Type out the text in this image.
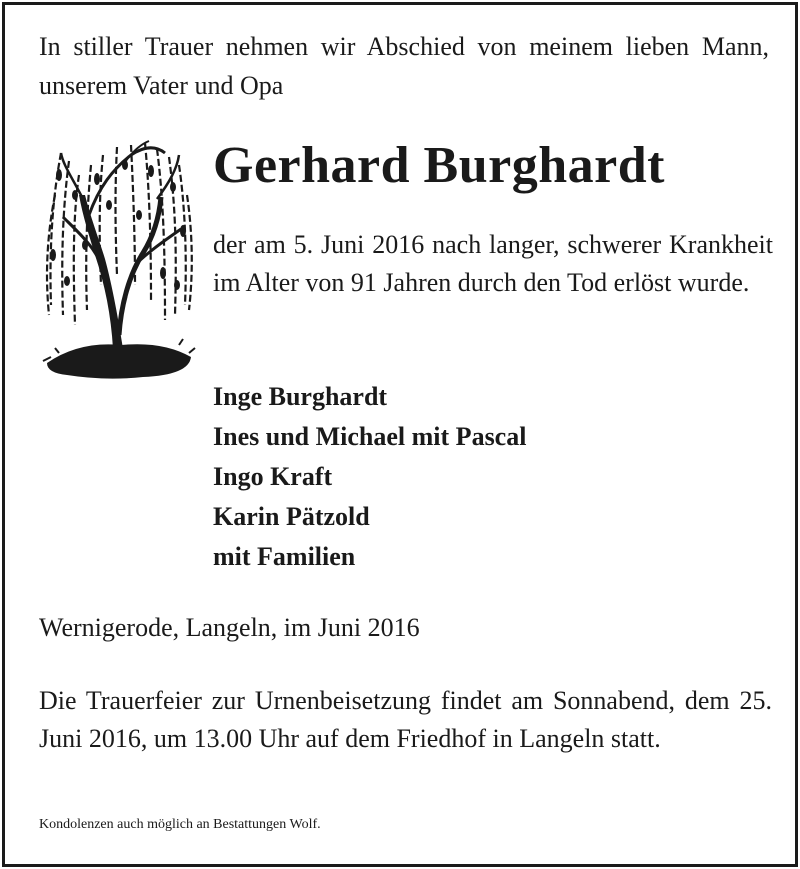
In stiller Trauer nehmen wir Abschied von meinem lieben Mann, unserem Vater und Opa
Gerhard Burghardt
der am 5. Juni 2016 nach langer, schwerer Krankheit im Alter von 91 Jahren durch den Tod erlöst wurde.
Inge Burghardt
Ines und Michael mit Pascal
Ingo Kraft
Karin Pätzold
mit Familien
Wernigerode, Langeln, im Juni 2016
Die Trauerfeier zur Urnenbeisetzung findet am Sonnabend, dem 25. Juni 2016, um 13.00 Uhr auf dem Friedhof in Langeln statt.
Kondolenzen auch möglich an Bestattungen Wolf.
